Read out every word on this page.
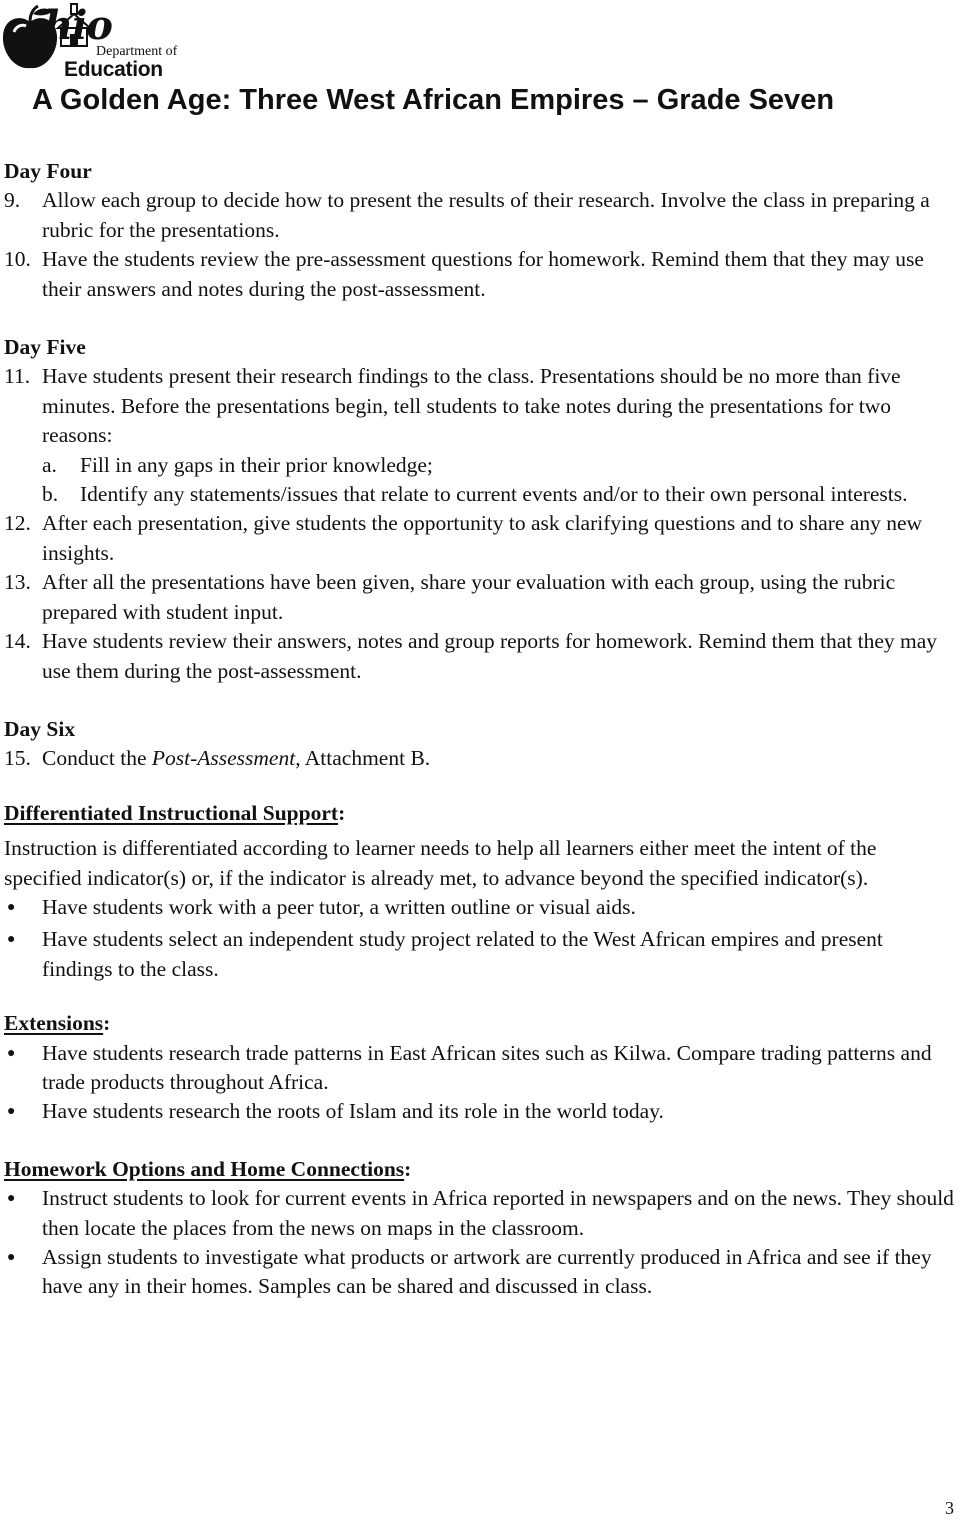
hio
Department of
Education
A Golden Age: Three West African Empires – Grade Seven

Day Four

9.	Allow each group to decide how to present the results of their research. Involve the class in preparing a rubric for the presentations.
10. Have the students review the pre-assessment questions for homework. Remind them that they may use their answers and notes during the post-assessment.

Day Five

11. Have students present their research findings to the class. Presentations should be no more than five minutes. Before the presentations begin, tell students to take notes during the presentations for two reasons:
a.	Fill in any gaps in their prior knowledge;
b.	Identify any statements/issues that relate to current events and/or to their own personal interests.
12. After each presentation, give students the opportunity to ask clarifying questions and to share any new insights.
13. After all the presentations have been given, share your evaluation with each group, using the rubric prepared with student input.
14. Have students review their answers, notes and group reports for homework. Remind them that they may use them during the post-assessment.

Day Six

15. Conduct the Post-Assessment, Attachment B.

Differentiated Instructional Support:

Instruction is differentiated according to learner needs to help all learners either meet the intent of the specified indicator(s) or, if the indicator is already met, to advance beyond the specified indicator(s).

●
Have students work with a peer tutor, a written outline or visual aids.
●
Have students select an independent study project related to the West African empires and present findings to the class.

Extensions:

●
Have students research trade patterns in East African sites such as Kilwa. Compare trading patterns and trade products throughout Africa.
●
Have students research the roots of Islam and its role in the world today.

Homework Options and Home Connections:

●
Instruct students to look for current events in Africa reported in newspapers and on the news. They should then locate the places from the news on maps in the classroom.
●
Assign students to investigate what products or artwork are currently produced in Africa and see if they have any in their homes. Samples can be shared and discussed in class.
3
